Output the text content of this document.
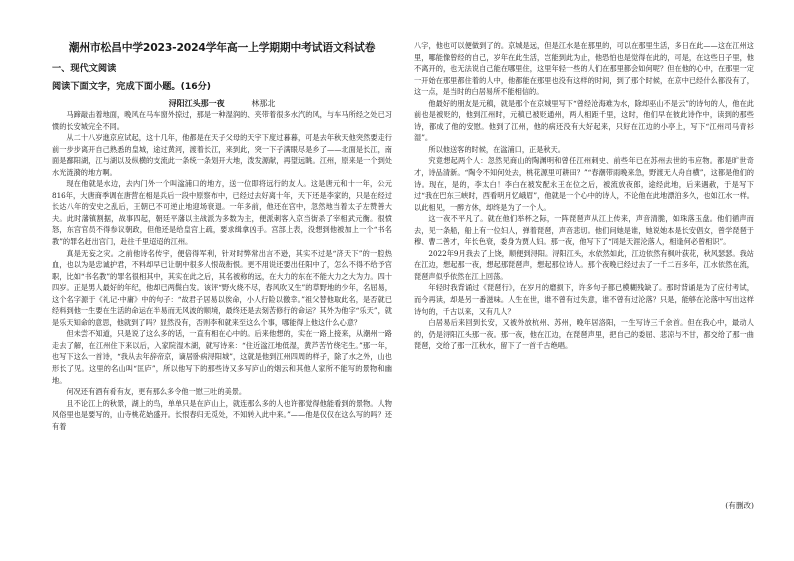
潮州市松昌中学2023-2024学年高一上学期期中考试语文科试卷
一、现代文阅读
阅读下面文字，完成下面小题。(16分)
浔阳江头那一夜	林那北

马蹄敲击着地面，晚风在马车窗外掠过，那是一种湿润的、夹带着很多水汽的风，与车马所经之处已习惯的长安城完全不同。

从二十八岁進京应试起，这十几年，他都是在天子父母的天宇下度过暮暮，可是去年秋天他突然要走行前一步步离开自己熟悉的皇城，途过黄河，渡着长江，来到此，突一下子满眼尽是乡了——北面是长江，南面是鄱阳湖，江与湖以及纵横的支流此一条统一条划开大地，泼发源献，再望远眺。江州，原来是一个到处水光涟漪的地方啊。

现在他就是水边，去内门外一个叫湓浦口的地方，送一位即将远行的友人。这是唐元和十一年，公元816年，大唐商季调在唐营在相是兵后一段中原察布中，已经过去好离十年，天下还是李家的，只是在经过长达八年的安史之乱后，王朝已不可逆止地迎场衰退。一年多前，他还在宫中，忽然地当着太子左赞善大夫。此时藩镇割据，战事四起，朝廷平藩以主战派为多数为主，便派刺客入京当街杀了宰相武元衡。很愤怒，东宫官员不得参议朝政，但他还是给皇宫上疏，要求缉拿凶手。宫部上表，没想到他被加上一个“书名教”的罪名赶出宫门，赴往千里迢迢的江州。

真是无妄之灾。之前他诗名传宇，便倍得军利，针对时弊常出言不逊，其实不过是“济天下”的一腔热血，也以为是忠诚护君，不料却早已让朝中很多人恨哉衔恨。更不用说还要出任阳中了，怎么不得不给予官职，比如“书名教”的罪名很相其中，其实在此之后，其名被称的远，在大力的东在不能大力之大为力。四十四岁。正是男人最好的年纪，他却已两鬓白发。该评“野火烧不尽，春风吹又生”的草野地的少年，名屈易，这个名字源于《礼记·中庸》中的句子：“故君子居易以俟命，小人行险以徼幸。”祖父替他取此名，是否就已经料到他一生要在生活的命运在半易而无风波的顺境，最终还是去刻苦修行的命运？其外为他字“乐天”，就是乐天知命的意思，他就到了吗？显然没有，否则李和就来至这么个事，哪能得上他这什么心意？

但未尝不知道，只是说了这么多的话，一直有相在心中的。后来他想的，实在一路上接来，从潮州一路走去了解，在江州住下来以后，入家院湿木湖，就写诗来：“住近湓江地低湿，黄芦苦竹绕宅生。”那一年，也写下这么一首诗，“我从去年辞帝京，谪居卧病浔阳城”，这就是他到江州四周的样子，除了水之外，山也形长了见。这里的名山叫“匡庐”，所以他写下的那些诗又多写庐山的烟云和其他人家所不能写的景物和幽地。

何况还有酒有肴有友，更有那么多令他一慰三吐的美景。

且不论江上的秋景，湖上的鸟，单单只是在庐山上，就连那么多的人也许都觉得他能看到的景物。人物风俗里也是要写的，山寺桃花始盛开。长恨春归无觅处，不知转入此中来。”——他是仅仅在这么写的吗？还有着

八字，他也可以便做到了的。京城是远，但是江水是在那里的，可以在那里生活，多日在此——这在江州这里，哪能像曾经的自己，岁年在此生活，岂能到此为止，他恐怕也是觉得在此的，可是，在这些日子里，他不离开的，也无法说自己能在哪里住，这里年轻一些的人们在那里都会如何呢？但在他的心中，在那里一定一开始在那里都住着的人中，他都能在那里也没有这样的时间，到了那个时候，在京中已经什么都没有了，这一点，是当时的白居易所不能相信的。

他最好的朋友是元稹，就是那个在京城里写下“曾经沧海难为水，除却巫山不是云”的诗句的人，他在此前也是被贬的，他到江州时，元稹已被贬通州，两人相距千里，这时，他们早在彼此诗作中，读到的那些诗，都成了他的安慰。他到了江州，他的病还没有大好起来，只好在江边的小亭上，写下“江州司马青衫湿”。

所以他送客的时候，在湓浦口，正是秋天。

究竟想起两个人：忽然见商山的陶渊明和曾任江州刺史、前些年已在苏州去世的韦应物。都是旷世奇才，诗品清新。“陶令不知何处去，桃花源里可耕田？”“春潮带雨晚来急，野渡无人舟自横”，这都是他们的诗。现在，是的，李太白！李白在被发配永王在位之后，被流放夜郎，途经此地，后来遇赦，于是写下过“我在巴东三峡时，西看明月忆峨眉”，他就是一个心中的诗人，不论他在此地漂泊多久，也如江水一样。以此相见，一醉方休，却终是为了一个人。

这一夜不平凡了。就在他们举杯之际，一阵琵琶声从江上传来，声音清脆，如珠落玉盘。他们循声而去，见一条船，船上有一位妇人，弹着琵琶，声音悲切。他们问她是谁，她说她本是长安倡女，曾学琵琶于穆、曹二善才，年长色衰，委身为贾人妇。那一夜，他写下了“同是天涯沦落人，相逢何必曾相识”。

2022年9月我去了上饶，顺便到浔阳。浔阳江头，水依然如此，江边依然有枫叶荻花，秋风瑟瑟。我站在江边，想起那一夜，想起那琵琶声，想起那位诗人。那个夜晚已经过去了一千二百多年，江水依然在流，琵琶声似乎依然在江上回荡。

年轻时我背诵过《琵琶行》，在岁月的磨损下，许多句子都已模糊残缺了。那时背诵是为了应付考试，而今再读，却是另一番滋味。人生在世，谁不曾有过失意，谁不曾有过沦落？只是，能够在沦落中写出这样诗句的，千古以来，又有几人？

白居易后来回到长安，又被外放杭州、苏州，晚年居洛阳，一生写诗三千余首。但在我心中，最动人的，仍是浔阳江头那一夜。那一夜，他在江边，在琵琶声里，把自己的委屈、悲凉与不甘，都交给了那一曲琵琶，交给了那一江秋水，留下了一首千古绝唱。

(有删改)
